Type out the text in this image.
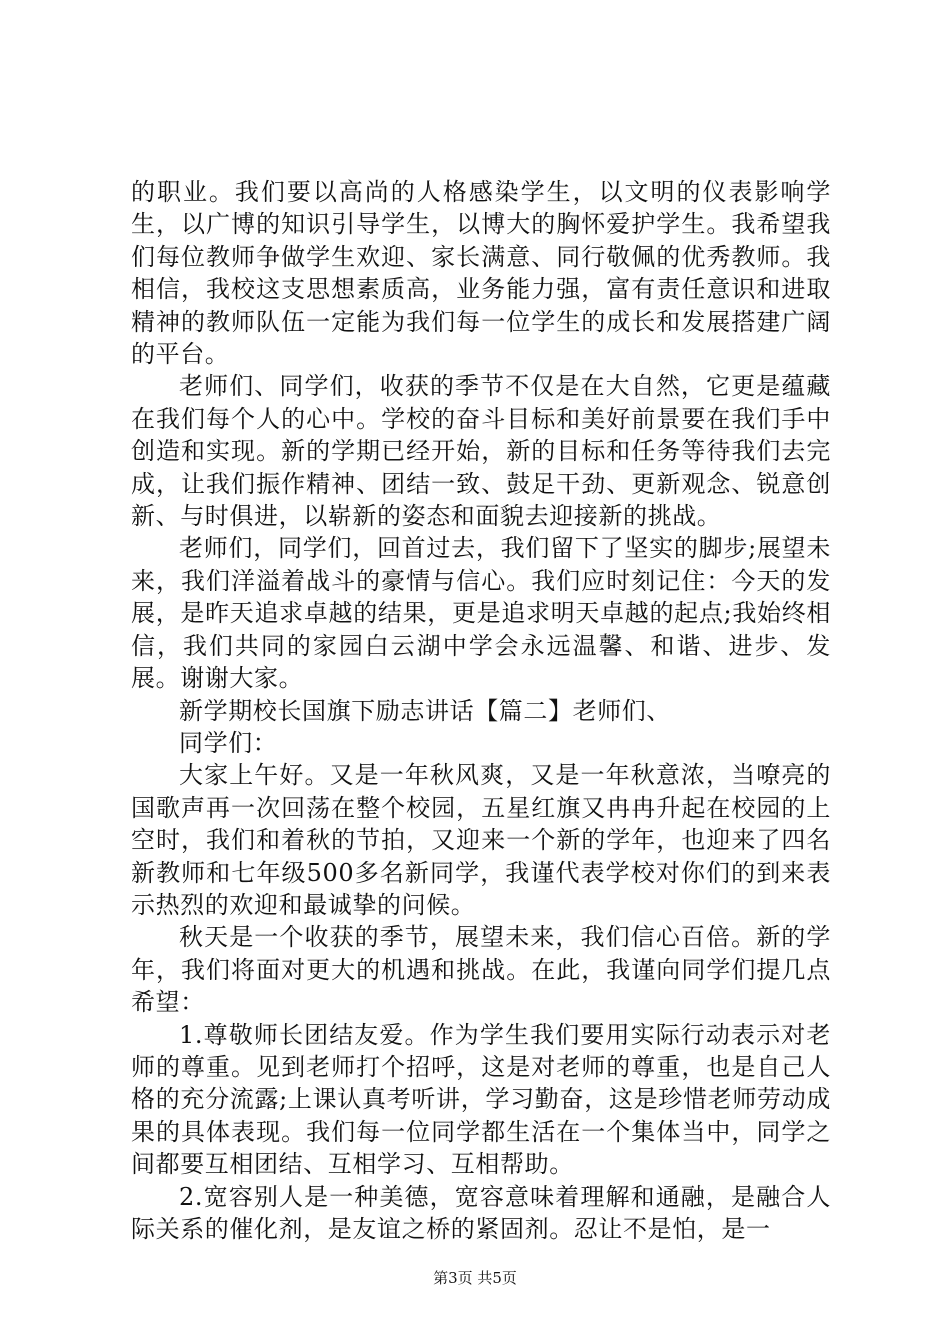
的职业。我们要以高尚的人格感染学生，以文明的仪表影响学生，以广博的知识引导学生，以博大的胸怀爱护学生。我希望我们每位教师争做学生欢迎、家长满意、同行敬佩的优秀教师。我相信，我校这支思想素质高，业务能力强，富有责任意识和进取精神的教师队伍一定能为我们每一位学生的成长和发展搭建广阔的平台。

老师们、同学们，收获的季节不仅是在大自然，它更是蕴藏在我们每个人的心中。学校的奋斗目标和美好前景要在我们手中创造和实现。新的学期已经开始，新的目标和任务等待我们去完成，让我们振作精神、团结一致、鼓足干劲、更新观念、锐意创新、与时俱进，以崭新的姿态和面貌去迎接新的挑战。

老师们，同学们，回首过去，我们留下了坚实的脚步;展望未来，我们洋溢着战斗的豪情与信心。我们应时刻记住：今天的发展，是昨天追求卓越的结果，更是追求明天卓越的起点;我始终相信，我们共同的家园白云湖中学会永远温馨、和谐、进步、发展。谢谢大家。

新学期校长国旗下励志讲话【篇二】老师们、

同学们：

大家上午好。又是一年秋风爽，又是一年秋意浓，当嘹亮的国歌声再一次回荡在整个校园，五星红旗又冉冉升起在校园的上空时，我们和着秋的节拍，又迎来一个新的学年，也迎来了四名新教师和七年级500多名新同学，我谨代表学校对你们的到来表示热烈的欢迎和最诚挚的问候。

秋天是一个收获的季节，展望未来，我们信心百倍。新的学年，我们将面对更大的机遇和挑战。在此，我谨向同学们提几点希望：

1.尊敬师长团结友爱。作为学生我们要用实际行动表示对老师的尊重。见到老师打个招呼，这是对老师的尊重，也是自己人格的充分流露;上课认真考听讲，学习勤奋，这是珍惜老师劳动成果的具体表现。我们每一位同学都生活在一个集体当中，同学之间都要互相团结、互相学习、互相帮助。

2.宽容别人是一种美德，宽容意味着理解和通融，是融合人际关系的催化剂，是友谊之桥的紧固剂。忍让不是怕，是一

第3页 共5页
